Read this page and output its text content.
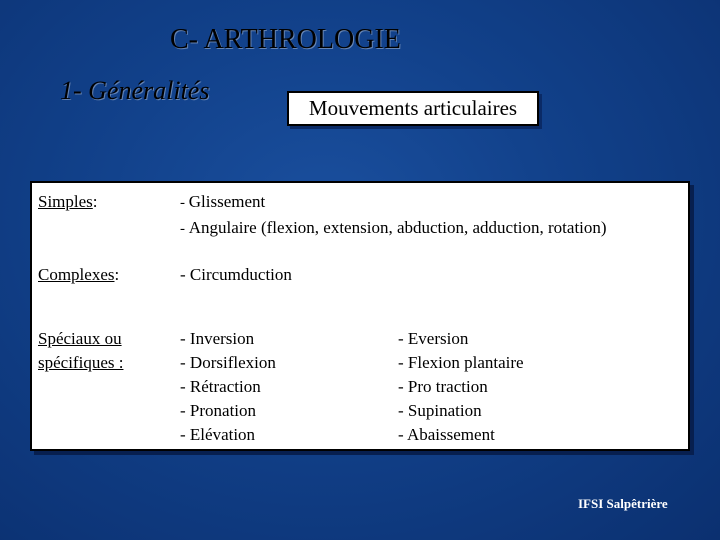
C- ARTHROLOGIE
1- Généralités
Mouvements articulaires
Simples:	- Glissement
- Angulaire (flexion, extension, abduction, adduction, rotation)
Complexes:	- Circumduction
Spéciaux ou
spécifiques :
- Inversion
- Dorsiflexion
- Rétraction
- Pronation
- Elévation
- Eversion
- Flexion plantaire
- Pro traction
- Supination
- Abaissement
IFSI Salpêtrière
